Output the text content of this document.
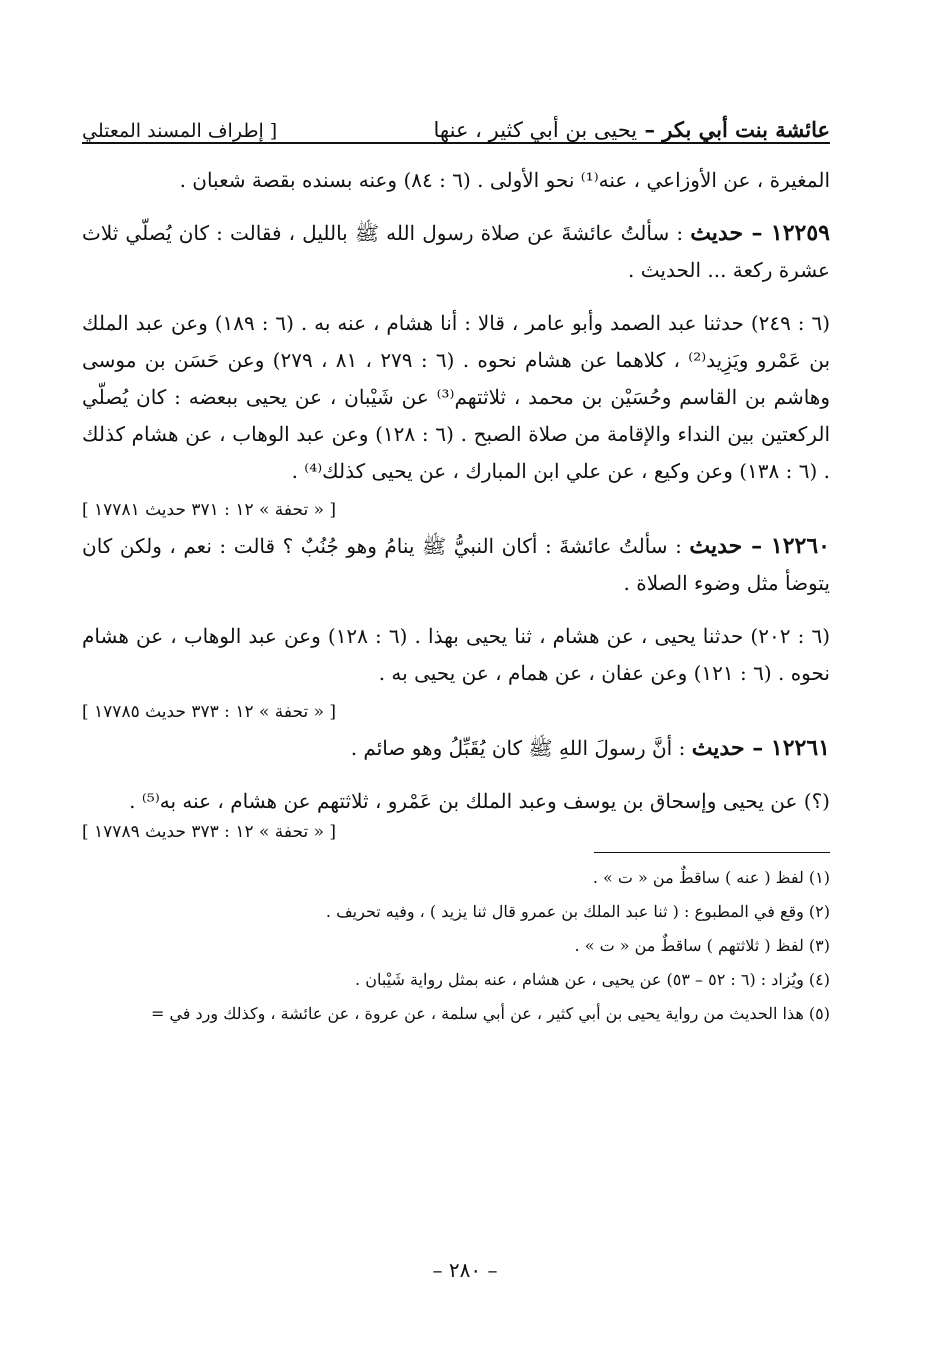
عائشة بنت أبي بكر – يحيى بن أبي كثير ، عنها
[ إطراف المسند المعتلي

المغيرة ، عن الأوزاعي ، عنه⁽¹⁾ نحو الأولى . (٦ : ٨٤) وعنه بسنده بقصة شعبان .

١٢٢٥٩ – حديث : سألتُ عائشةَ عن صلاة رسول الله ﷺ بالليل ، فقالت : كان يُصلّي ثلاث عشرة ركعة ... الحديث .

(٦ : ٢٤٩) حدثنا عبد الصمد وأبو عامر ، قالا : أنا هشام ، عنه به . (٦ : ١٨٩) وعن عبد الملك بن عَمْرو ويَزِيد⁽²⁾ ، كلاهما عن هشام نحوه . (٦ : ٢٧٩ ، ٨١ ، ٢٧٩) وعن حَسَن بن موسى وهاشم بن القاسم وحُسَيْن بن محمد ، ثلاثتهم⁽³⁾ عن شَيْبان ، عن يحيى ببعضه : كان يُصلّي الركعتين بين النداء والإقامة من صلاة الصبح . (٦ : ١٢٨) وعن عبد الوهاب ، عن هشام كذلك . (٦ : ١٣٨) وعن وكيع ، عن علي ابن المبارك ، عن يحيى كذلك⁽⁴⁾ .

[ « تحفة » ١٢ : ٣٧١ حديث ١٧٧٨١ ]

١٢٢٦٠ – حديث : سألتُ عائشةَ : أكان النبيُّ ﷺ ينامُ وهو جُنُبٌ ؟ قالت : نعم ، ولكن كان يتوضأ مثل وضوء الصلاة .

(٦ : ٢٠٢) حدثنا يحيى ، عن هشام ، ثنا يحيى بهذا . (٦ : ١٢٨) وعن عبد الوهاب ، عن هشام نحوه . (٦ : ١٢١) وعن عفان ، عن همام ، عن يحيى به .

[ « تحفة » ١٢ : ٣٧٣ حديث ١٧٧٨٥ ]

١٢٢٦١ – حديث : أنَّ رسولَ اللهِ ﷺ كان يُقَبِّلُ وهو صائم .

(؟) عن يحيى وإسحاق بن يوسف وعبد الملك بن عَمْرو ، ثلاثتهم عن هشام ، عنه به⁽⁵⁾ .

[ « تحفة » ١٢ : ٣٧٣ حديث ١٧٧٨٩ ]

(١) لفظ ( عنه ) ساقطٌ من « ت » .

(٢) وقع في المطبوع : ( ثنا عبد الملك بن عمرو قال ثنا يزيد ) ، وفيه تحريف .

(٣) لفظ ( ثلاثتهم ) ساقطٌ من « ت » .

(٤) ويُزاد : (٦ : ٥٢ – ٥٣) عن يحيى ، عن هشام ، عنه بمثل رواية شَيْبان .

(٥) هذا الحديث من رواية يحيى بن أبي كثير ، عن أبي سلمة ، عن عروة ، عن عائشة ، وكذلك ورد في =

– ٢٨٠ –
